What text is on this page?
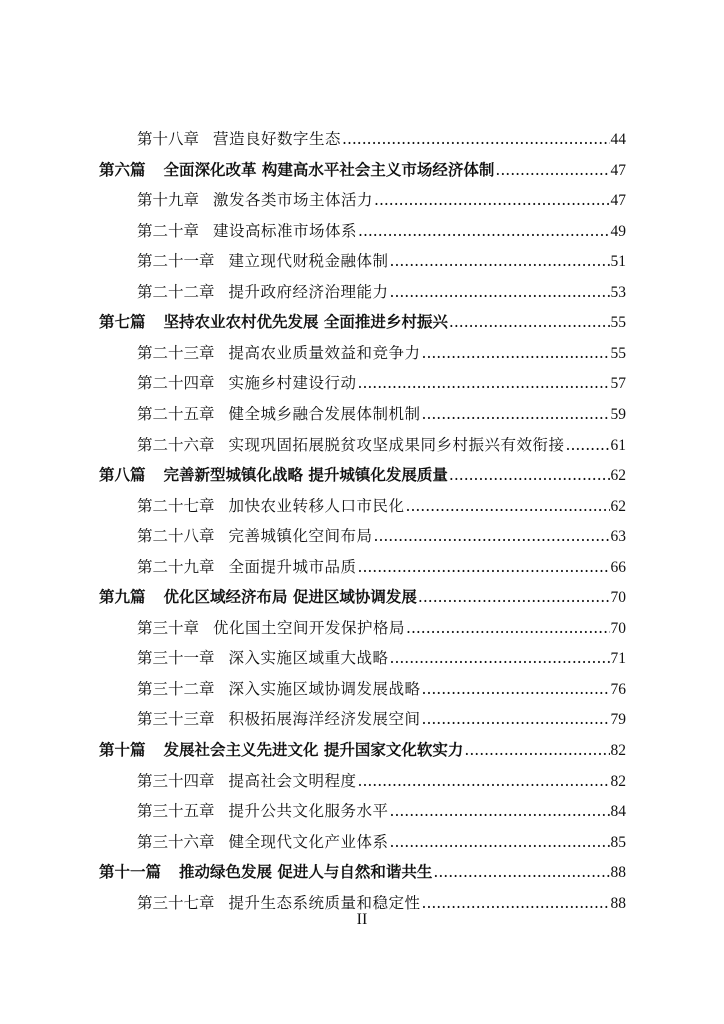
第十八章 营造良好数字生态 .....	44
第六篇 全面深化改革 构建高水平社会主义市场经济体制 .....	47
第十九章 激发各类市场主体活力 .....	47
第二十章 建设高标准市场体系 .....	49
第二十一章 建立现代财税金融体制 .....	51
第二十二章 提升政府经济治理能力 .....	53
第七篇 坚持农业农村优先发展 全面推进乡村振兴 .....	55
第二十三章 提高农业质量效益和竞争力 .....	55
第二十四章 实施乡村建设行动 .....	57
第二十五章 健全城乡融合发展体制机制 .....	59
第二十六章 实现巩固拓展脱贫攻坚成果同乡村振兴有效衔接 .....	61
第八篇 完善新型城镇化战略 提升城镇化发展质量 .....	62
第二十七章 加快农业转移人口市民化 .....	62
第二十八章 完善城镇化空间布局 .....	63
第二十九章 全面提升城市品质 .....	66
第九篇 优化区域经济布局 促进区域协调发展 .....	70
第三十章 优化国土空间开发保护格局 .....	70
第三十一章 深入实施区域重大战略 .....	71
第三十二章 深入实施区域协调发展战略 .....	76
第三十三章 积极拓展海洋经济发展空间 .....	79
第十篇 发展社会主义先进文化 提升国家文化软实力 .....	82
第三十四章 提高社会文明程度 .....	82
第三十五章 提升公共文化服务水平 .....	84
第三十六章 健全现代文化产业体系 .....	85
第十一篇 推动绿色发展 促进人与自然和谐共生 .....	88
第三十七章 提升生态系统质量和稳定性 .....	88
II
